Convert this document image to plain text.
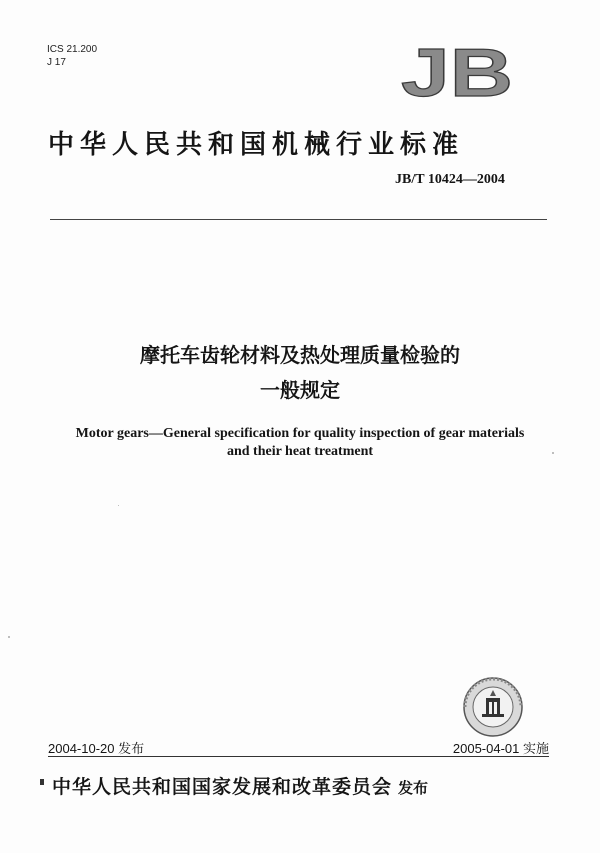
ICS 21.200
J 17	JB
中华人民共和国机械行业标准
JB/T 10424—2004
摩托车齿轮材料及热处理质量检验的
一般规定
Motor gears—General specification for quality inspection of gear materials
and their heat treatment
2004-10-20 发布	2005-04-01 实施
中华人民共和国国家发展和改革委员会 发布
